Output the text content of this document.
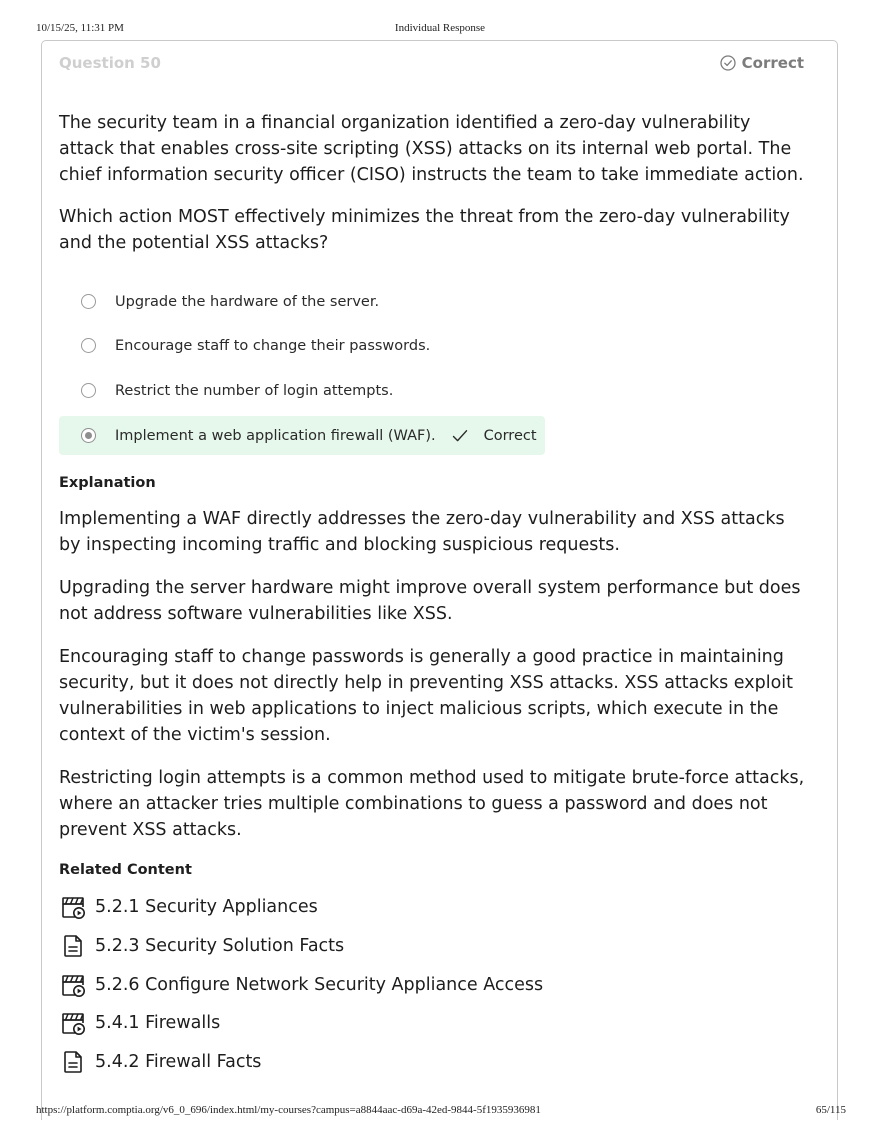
10/15/25, 11:31 PM	Individual Response
Question 50	Correct

The security team in a financial organization identified a zero-day vulnerability attack that enables cross-site scripting (XSS) attacks on its internal web portal. The chief information security officer (CISO) instructs the team to take immediate action.

Which action MOST effectively minimizes the threat from the zero-day vulnerability and the potential XSS attacks?

Upgrade the hardware of the server.
Encourage staff to change their passwords.
Restrict the number of login attempts.
Implement a web application firewall (WAF).	Correct
Explanation

Implementing a WAF directly addresses the zero-day vulnerability and XSS attacks by inspecting incoming traffic and blocking suspicious requests.

Upgrading the server hardware might improve overall system performance but does not address software vulnerabilities like XSS.

Encouraging staff to change passwords is generally a good practice in maintaining security, but it does not directly help in preventing XSS attacks. XSS attacks exploit vulnerabilities in web applications to inject malicious scripts, which execute in the context of the victim's session.

Restricting login attempts is a common method used to mitigate brute-force attacks, where an attacker tries multiple combinations to guess a password and does not prevent XSS attacks.

Related Content
5.2.1 Security Appliances
5.2.3 Security Solution Facts
5.2.6 Configure Network Security Appliance Access
5.4.1 Firewalls
5.4.2 Firewall Facts
https://platform.comptia.org/v6_0_696/index.html/my-courses?campus=a8844aac-d69a-42ed-9844-5f1935936981	65/115
